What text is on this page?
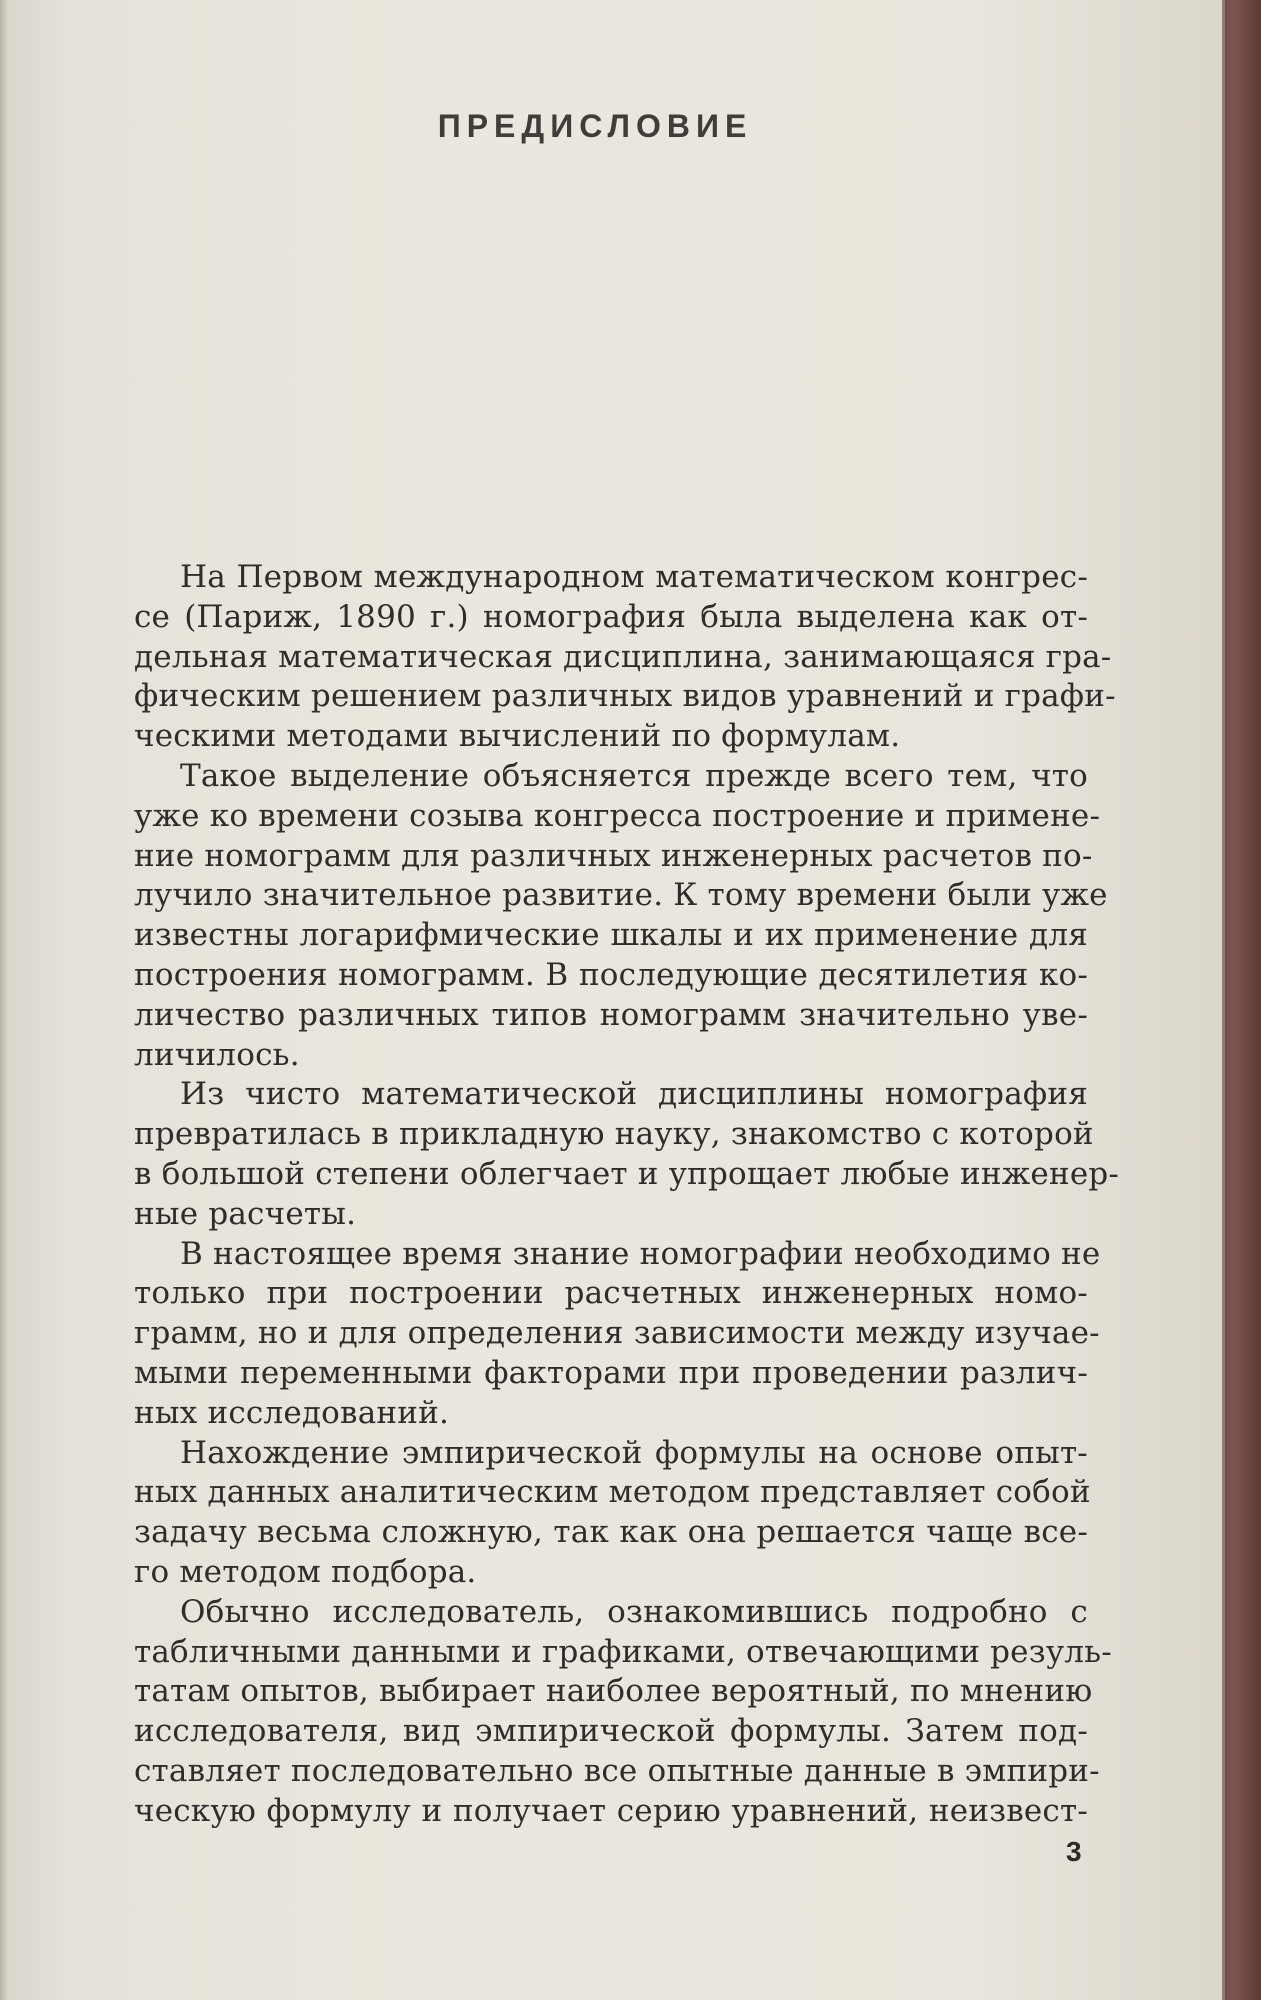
ПРЕДИСЛОВИЕ

На Первом международном математическом конгрес-
се (Париж, 1890 г.) номография была выделена как от-
дельная математическая дисциплина, занимающаяся гра-
фическим решением различных видов уравнений и графи-
ческими методами вычислений по формулам.

Такое выделение объясняется прежде всего тем, что
уже ко времени созыва конгресса построение и примене-
ние номограмм для различных инженерных расчетов по-
лучило значительное развитие. К тому времени были уже
известны логарифмические шкалы и их применение для
построения номограмм. В последующие десятилетия ко-
личество различных типов номограмм значительно уве-
личилось.

Из чисто математической дисциплины номография
превратилась в прикладную науку, знакомство с которой
в большой степени облегчает и упрощает любые инженер-
ные расчеты.

В настоящее время знание номографии необходимо не
только при построении расчетных инженерных номо-
грамм, но и для определения зависимости между изучае-
мыми переменными факторами при проведении различ-
ных исследований.

Нахождение эмпирической формулы на основе опыт-
ных данных аналитическим методом представляет собой
задачу весьма сложную, так как она решается чаще все-
го методом подбора.

Обычно исследователь, ознакомившись подробно с
табличными данными и графиками, отвечающими резуль-
татам опытов, выбирает наиболее вероятный, по мнению
исследователя, вид эмпирической формулы. Затем под-
ставляет последовательно все опытные данные в эмпири-
ческую формулу и получает серию уравнений, неизвест-

3
